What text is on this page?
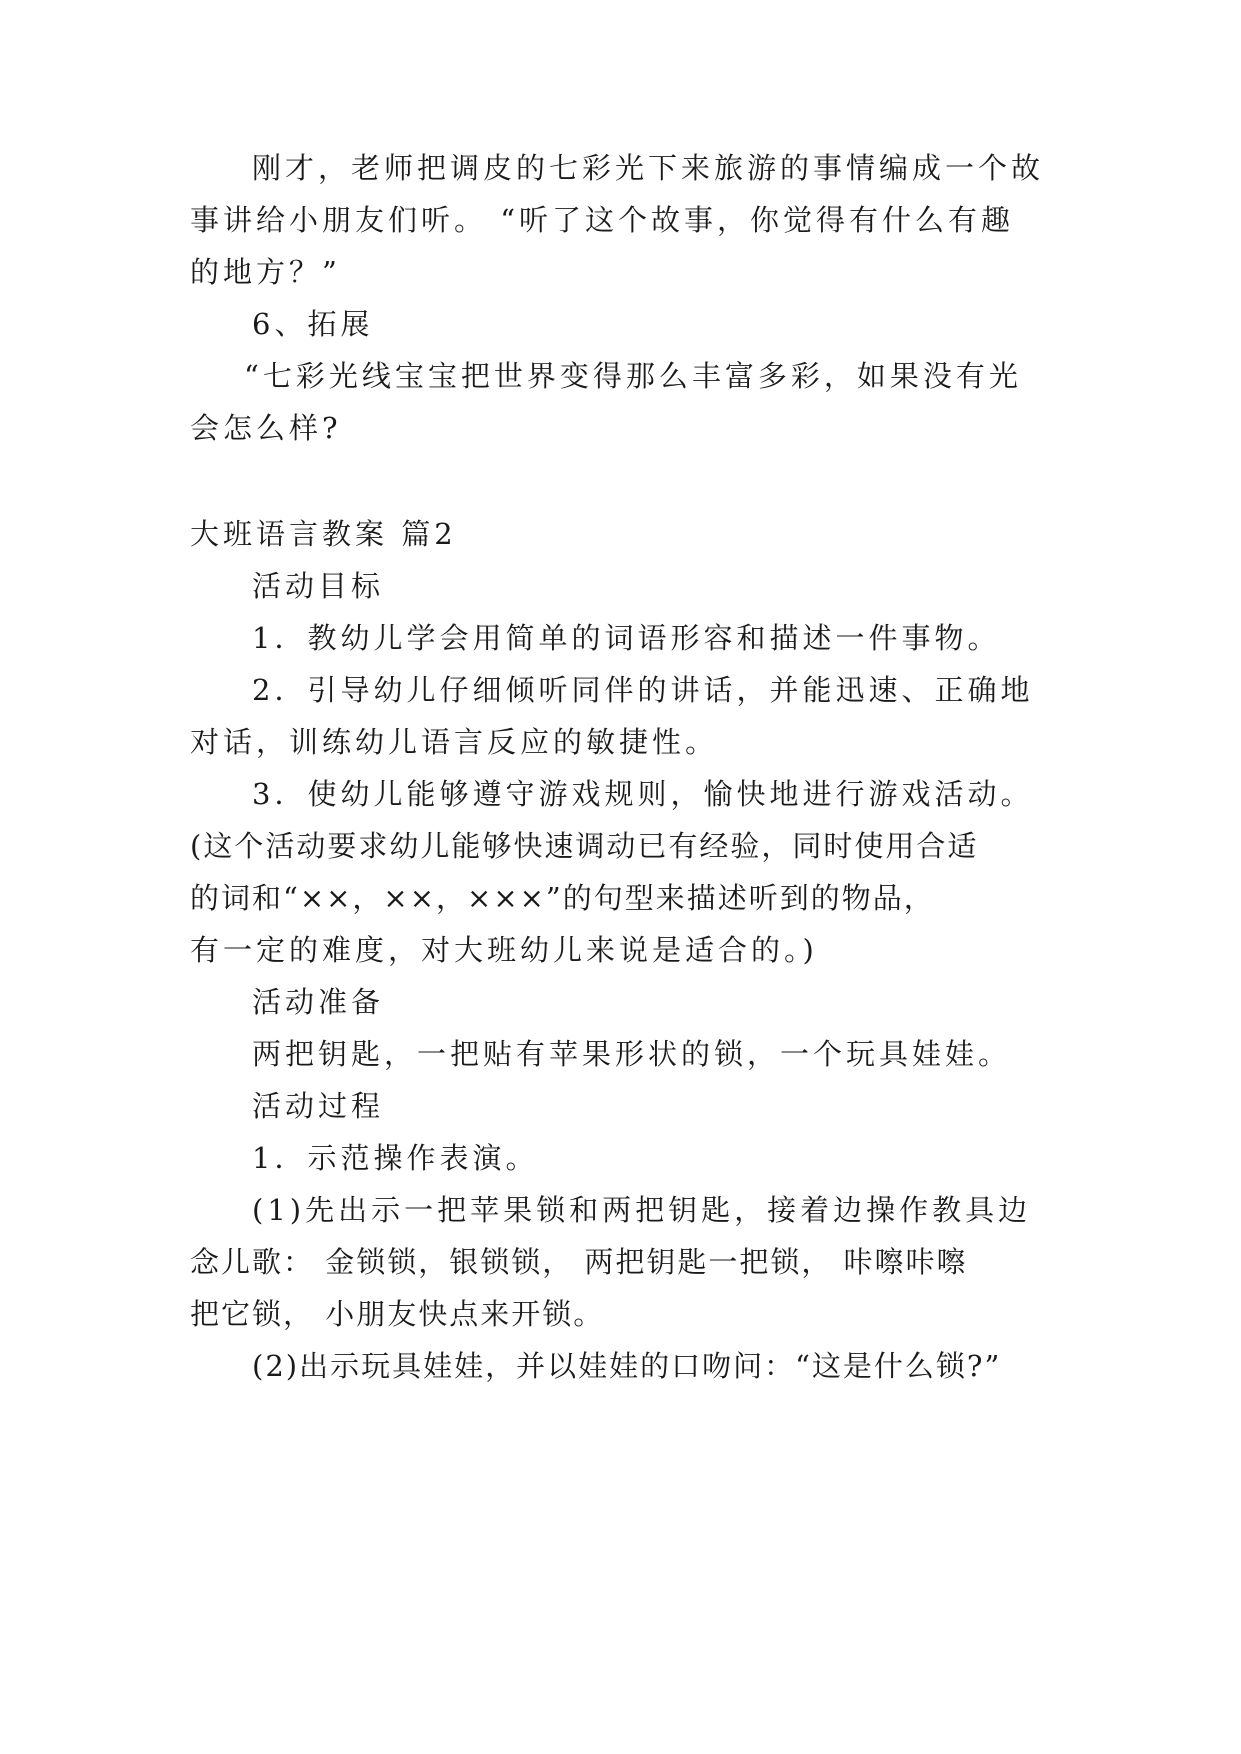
刚才，老师把调皮的七彩光下来旅游的事情编成一个故
事讲给小朋友们听。 “听了这个故事，你觉得有什么有趣
的地方？”
6、拓展
“七彩光线宝宝把世界变得那么丰富多彩，如果没有光
会怎么样?
大班语言教案 篇2
活动目标
1．教幼儿学会用简单的词语形容和描述一件事物。
2．引导幼儿仔细倾听同伴的讲话，并能迅速、正确地
对话，训练幼儿语言反应的敏捷性。
3．使幼儿能够遵守游戏规则，愉快地进行游戏活动。
(这个活动要求幼儿能够快速调动已有经验，同时使用合适
的词和“××，××，×××”的句型来描述听到的物品，
有一定的难度，对大班幼儿来说是适合的。)
活动准备
两把钥匙，一把贴有苹果形状的锁，一个玩具娃娃。
活动过程
1．示范操作表演。
(1)先出示一把苹果锁和两把钥匙，接着边操作教具边
念儿歌： 金锁锁，银锁锁， 两把钥匙一把锁， 咔嚓咔嚓
把它锁， 小朋友快点来开锁。
(2)出示玩具娃娃，并以娃娃的口吻问：“这是什么锁?”
